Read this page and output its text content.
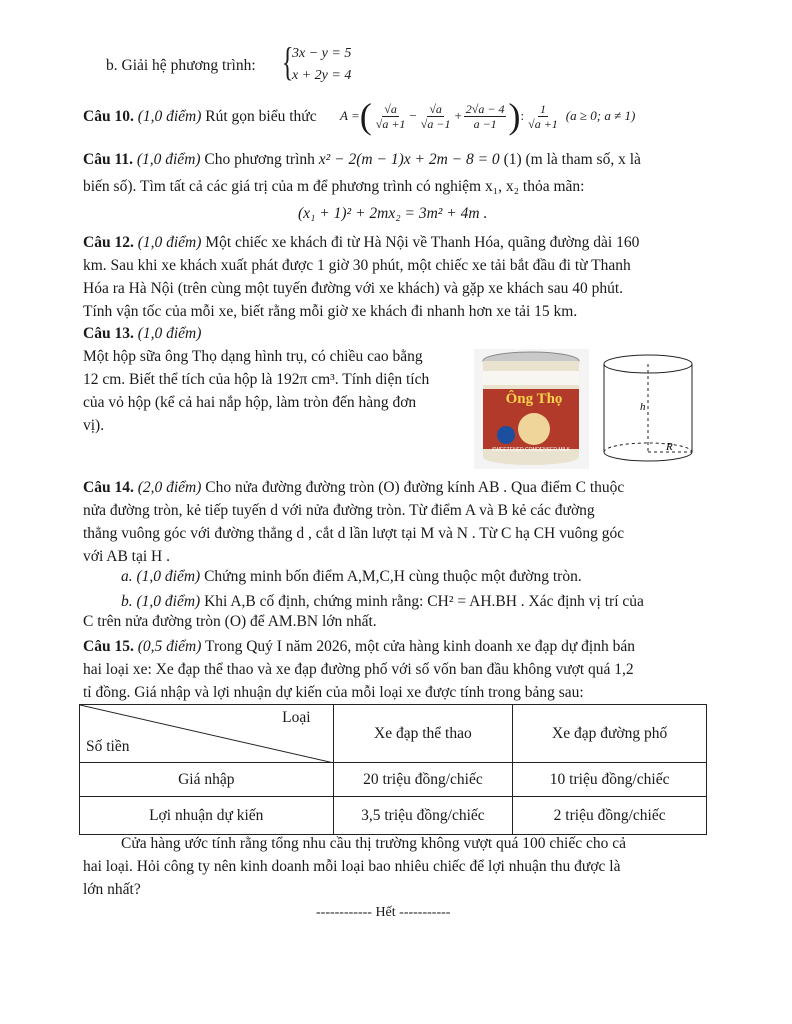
b. Giải hệ phương trình: {
3x − y = 5
x + 2y = 4
Câu 10. (1,0 điểm) Rút gọn biểu thức A = ( $\frac{√a}{√a +1} - \frac{√a}{√a -1} + \frac{2√a - 4}{a -1}$ ) : $\frac{1}{√a +1} (a \ge 0$; a ≠ 1)
Câu 11. (1,0 điểm) Cho phương trình x² − 2(m − 1)x + 2m − 8 = 0 (1) (m là tham số, x là
biến số). Tìm tất cả các giá trị của m để phương trình có nghiệm x₁, x₂ thỏa mãn:
(x₁ + 1)² + 2mx₂ = 3m² + 4m .
Câu 12. (1,0 điểm) Một chiếc xe khách đi từ Hà Nội về Thanh Hóa, quãng đường dài 160
km. Sau khi xe khách xuất phát được 1 giờ 30 phút, một chiếc xe tải bắt đầu đi từ Thanh
Hóa ra Hà Nội (trên cùng một tuyến đường với xe khách) và gặp xe khách sau 40 phút.
Tính vận tốc của mỗi xe, biết rằng mỗi giờ xe khách đi nhanh hơn xe tải 15 km.
Câu 13. (1,0 điểm)
Một hộp sữa ông Thọ dạng hình trụ, có chiều cao bằng
12 cm. Biết thể tích của hộp là 192π cm³. Tính diện tích
của vỏ hộp (kể cả hai nắp hộp, làm tròn đến hàng đơn
vị).
Ông Thọ
SWEETENED CONDENSED MILK
h
R
Câu 14. (2,0 điểm) Cho nửa đường đường tròn (O) đường kính AB . Qua điểm C thuộc
nửa đường tròn, kẻ tiếp tuyến d với nửa đường tròn. Từ điểm A và B kẻ các đường
thẳng vuông góc với đường thẳng d , cắt d lần lượt tại M và N . Từ C hạ CH vuông góc
với AB tại H .
a. (1,0 điểm) Chứng minh bốn điểm A,M,C,H cùng thuộc một đường tròn.
b. (1,0 điểm) Khi A,B cố định, chứng minh rằng: CH² = AH.BH . Xác định vị trí của
C trên nửa đường tròn (O) để AM.BN lớn nhất.
Câu 15. (0,5 điểm) Trong Quý I năm 2026, một cửa hàng kinh doanh xe đạp dự định bán
hai loại xe: Xe đạp thể thao và xe đạp đường phố với số vốn ban đầu không vượt quá 1,2
tỉ đồng. Giá nhập và lợi nhuận dự kiến của mỗi loại xe được tính trong bảng sau:
Loại
Số tiền	Xe đạp thể thao	Xe đạp đường phố
Giá nhập	20 triệu đồng/chiếc	10 triệu đồng/chiếc
Lợi nhuận dự kiến	3,5 triệu đồng/chiếc	2 triệu đồng/chiếc
Cửa hàng ước tính rằng tổng nhu cầu thị trường không vượt quá 100 chiếc cho cả
hai loại. Hỏi công ty nên kinh doanh mỗi loại bao nhiêu chiếc để lợi nhuận thu được là
lớn nhất?
------------ Hết -----------
